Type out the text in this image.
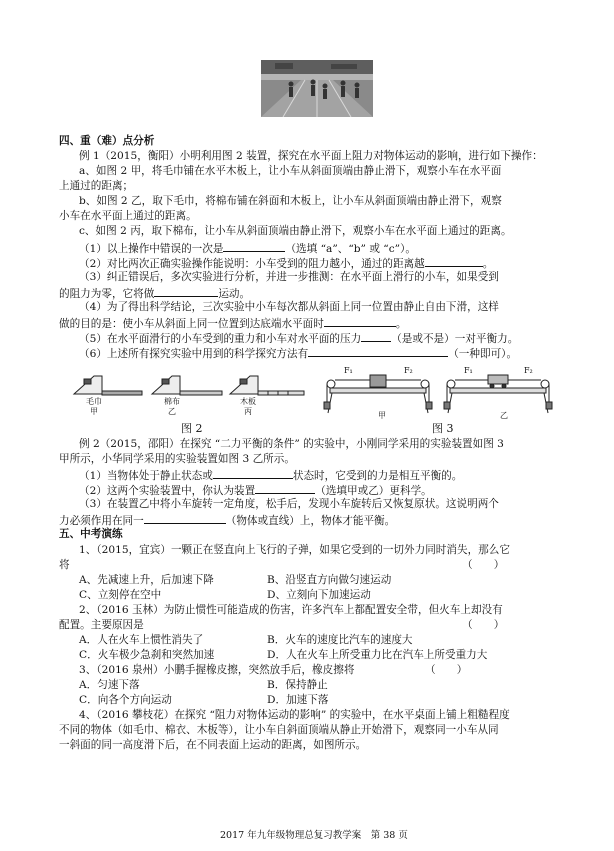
四、重（难）点分析
例 1（2015，衡阳）小明利用图 2 装置，探究在水平面上阻力对物体运动的影响，进行如下操作：
a、如图 2 甲，将毛巾铺在水平木板上，让小车从斜面顶端由静止滑下，观察小车在水平面
上通过的距离；
b、如图 2 乙，取下毛巾，将棉布铺在斜面和木板上，让小车从斜面顶端由静止滑下，观察
小车在水平面上通过的距离。
c、如图 2 丙，取下棉布，让小车从斜面顶端由静止滑下，观察小车在水平面上通过的距离。
（1）以上操作中错误的一次是	（选填 “a”、“b” 或 “c”）。
（2）对比两次正确实验操作能说明：小车受到的阻力越小，通过的距离越	。
（3）纠正错误后，多次实验进行分析，并进一步推测：在水平面上滑行的小车，如果受到
的阻力为零，它将做	运动。
（4）为了得出科学结论，三次实验中小车每次都从斜面上同一位置由静止自由下滑，这样
做的目的是：使小车从斜面上同一位置到达底端水平面时	。
（5）在水平面滑行的小车受到的重力和小车对水平面的压力	（是或不是）一对平衡力。
（6）上述所有探究实验中用到的科学探究方法有	（一种即可）。
毛巾
甲
棉布
乙
木板
丙
图 2
F₁	F₂	F₁	F₂
甲	乙
图 3
例 2（2015，邵阳）在探究 “二力平衡的条件” 的实验中，小刚同学采用的实验装置如图 3
甲所示，小华同学采用的实验装置如图 3 乙所示。
（1）当物体处于静止状态或	状态时，它受到的力是相互平衡的。
（2）这两个实验装置中，你认为装置	（选填甲或乙）更科学。
（3）在装置乙中将小车旋转一定角度，松手后，发现小车旋转后又恢复原状。这说明两个
力必须作用在同一	（物体或直线）上，物体才能平衡。
五、中考演练
1、（2015，宜宾）一颗正在竖直向上飞行的子弹，如果它受到的一切外力同时消失，那么它
将	（　　）
A、先减速上升，后加速下降	B、沿竖直方向做匀速运动
C、立刻停在空中	D、立刻向下加速运动
2、（2016 玉林）为防止惯性可能造成的伤害，许多汽车上都配置安全带，但火车上却没有
配置。主要原因是	（　　）
A．人在火车上惯性消失了	B．火车的速度比汽车的速度大
C．火车极少急刹和突然加速	D．人在火车上所受重力比在汽车上所受重力大
3、（2016 泉州）小鹏手握橡皮擦，突然放手后，橡皮擦将	（　　）
A．匀速下落	B．保持静止
C．向各个方向运动	D．加速下落
4、（2016 攀枝花）在探究 “阻力对物体运动的影响” 的实验中，在水平桌面上铺上粗糙程度
不同的物体（如毛巾、棉衣、木板等），让小车自斜面顶端从静止开始滑下，观察同一小车从同
一斜面的同一高度滑下后，在不同表面上运动的距离，如图所示。
2017 年九年级物理总复习教学案　第 38 页
